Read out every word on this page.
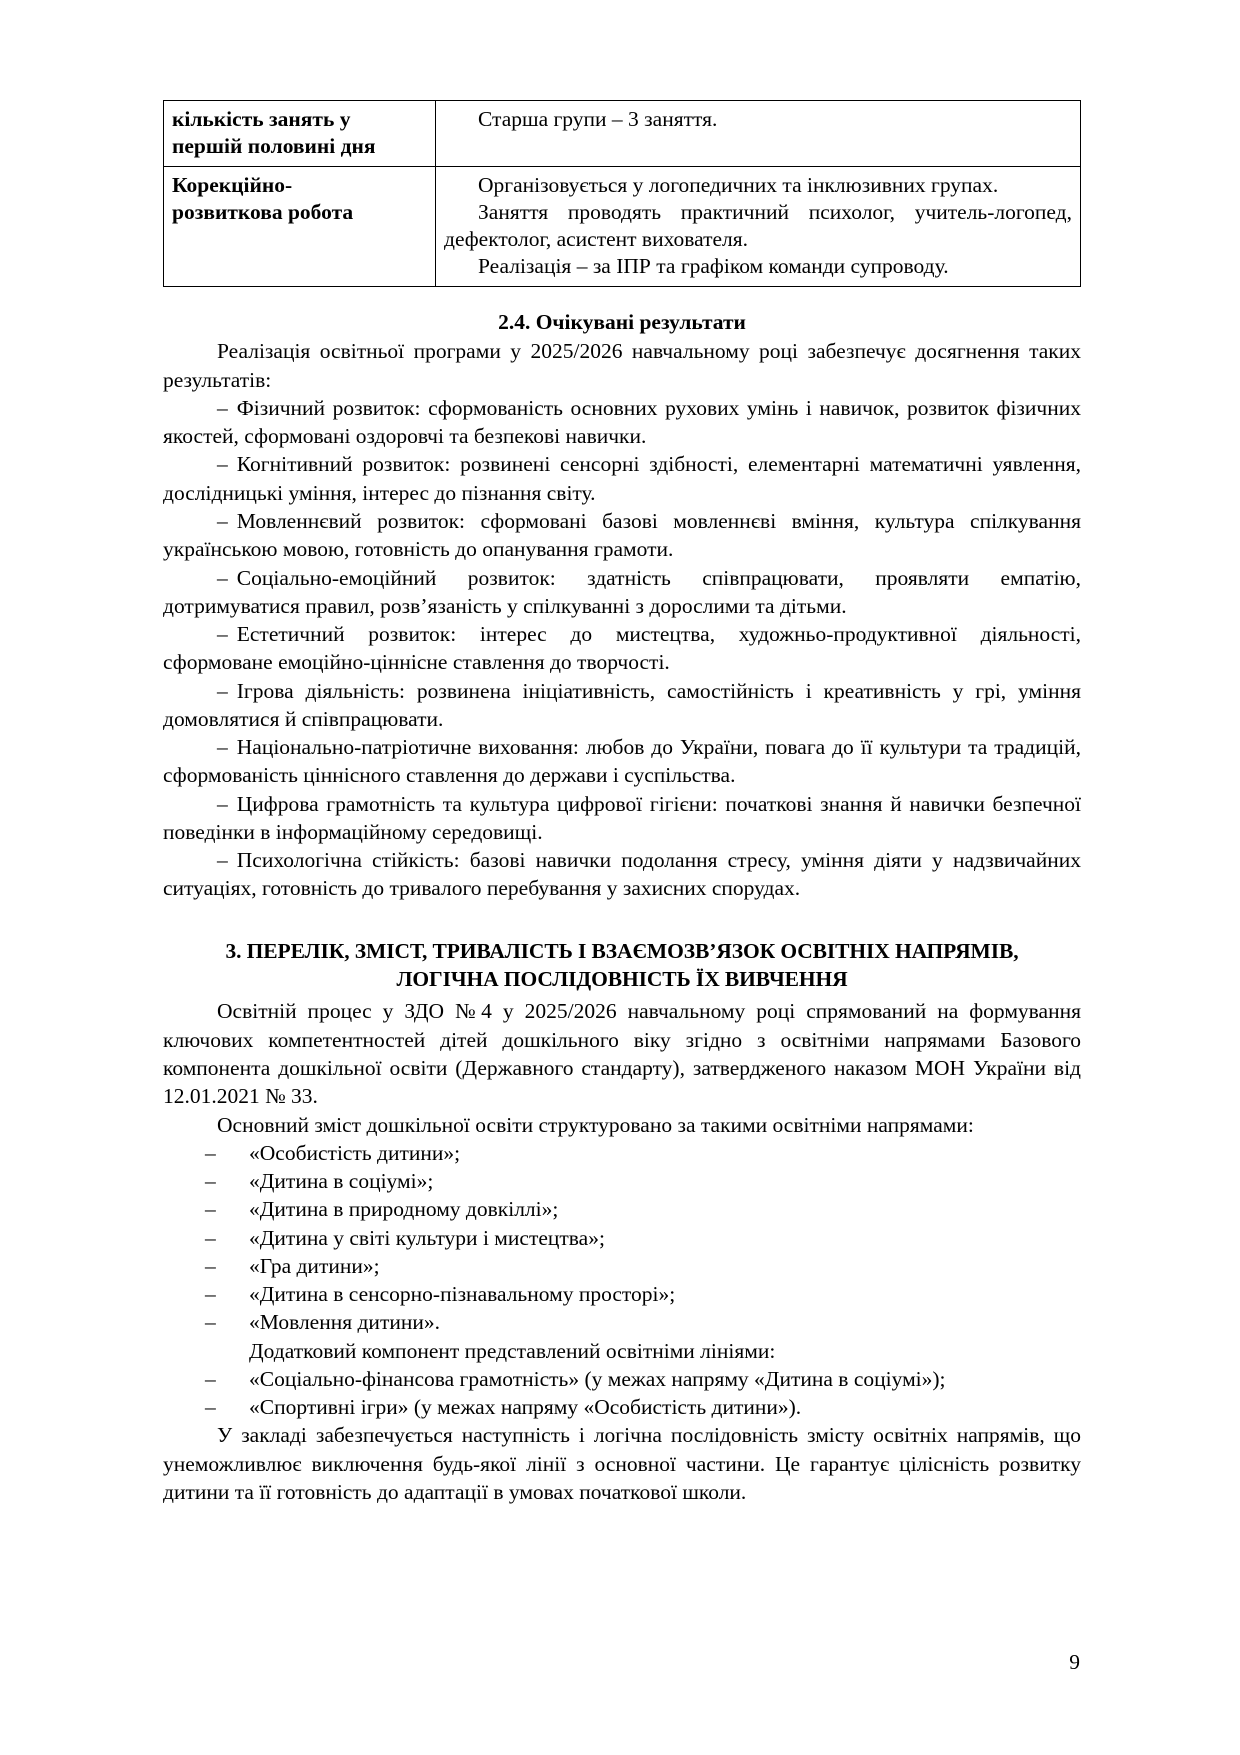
кількість занять у
першій половині дня	Старша групи – 3 заняття.

Корекційно-
розвиткова робота	Організовується у логопедичних та інклюзивних групах.
Заняття проводять практичний психолог, учитель-логопед, дефектолог, асистент вихователя.
Реалізація – за ІПР та графіком команди супроводу.
2.4. Очікувані результати

Реалізація освітньої програми у 2025/2026 навчальному році забезпечує досягнення таких результатів:

– Фізичний розвиток: сформованість основних рухових умінь і навичок, розвиток фізичних якостей, сформовані оздоровчі та безпекові навички.

– Когнітивний розвиток: розвинені сенсорні здібності, елементарні математичні уявлення, дослідницькі уміння, інтерес до пізнання світу.

– Мовленнєвий розвиток: сформовані базові мовленнєві вміння, культура спілкування українською мовою, готовність до опанування грамоти.

– Соціально-емоційний розвиток: здатність співпрацювати, проявляти емпатію, дотримуватися правил, розв’язаність у спілкуванні з дорослими та дітьми.

– Естетичний розвиток: інтерес до мистецтва, художньо-продуктивної діяльності, сформоване емоційно-ціннісне ставлення до творчості.

– Ігрова діяльність: розвинена ініціативність, самостійність і креативність у грі, уміння домовлятися й співпрацювати.

– Національно-патріотичне виховання: любов до України, повага до її культури та традицій, сформованість ціннісного ставлення до держави і суспільства.

– Цифрова грамотність та культура цифрової гігієни: початкові знання й навички безпечної поведінки в інформаційному середовищі.

– Психологічна стійкість: базові навички подолання стресу, уміння діяти у надзвичайних ситуаціях, готовність до тривалого перебування у захисних спорудах.

3. ПЕРЕЛІК, ЗМІСТ, ТРИВАЛІСТЬ І ВЗАЄМОЗВ’ЯЗОК ОСВІТНІХ НАПРЯМІВ,
ЛОГІЧНА ПОСЛІДОВНІСТЬ ЇХ ВИВЧЕННЯ

Освітній процес у ЗДО №4 у 2025/2026 навчальному році спрямований на формування ключових компетентностей дітей дошкільного віку згідно з освітніми напрямами Базового компонента дошкільної освіти (Державного стандарту), затвердженого наказом МОН України від 12.01.2021 № 33.

Основний зміст дошкільної освіти структуровано за такими освітніми напрямами:

–	«Особистість дитини»;
–	«Дитина в соціумі»;
–	«Дитина в природному довкіллі»;
–	«Дитина у світі культури і мистецтва»;
–	«Гра дитини»;
–	«Дитина в сенсорно-пізнавальному просторі»;
–	«Мовлення дитини».

Додатковий компонент представлений освітніми лініями:

–	«Соціально-фінансова грамотність» (у межах напряму «Дитина в соціумі»);
–	«Спортивні ігри» (у межах напряму «Особистість дитини»).

У закладі забезпечується наступність і логічна послідовність змісту освітніх напрямів, що унеможливлює виключення будь-якої лінії з основної частини. Це гарантує цілісність розвитку дитини та її готовність до адаптації в умовах початкової школи.

9
